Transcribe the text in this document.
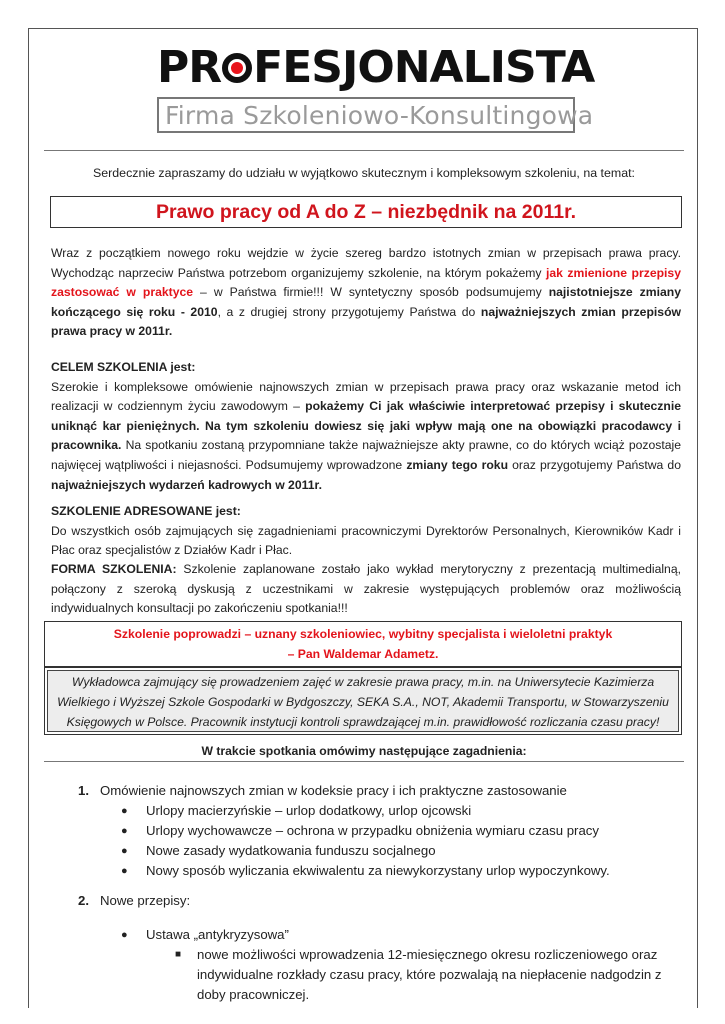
PR FESJONALISTA
Firma Szkoleniowo-Konsultingowa
Serdecznie zapraszamy do udziału w wyjątkowo skutecznym i kompleksowym szkoleniu, na temat:
Prawo pracy od A do Z – niezbędnik na 2011r.
Wraz z początkiem nowego roku wejdzie w życie szereg bardzo istotnych zmian w przepisach prawa pracy. Wychodząc naprzeciw Państwa potrzebom organizujemy szkolenie, na którym pokażemy jak zmienione przepisy zastosować w praktyce – w Państwa firmie!!! W syntetyczny sposób podsumujemy najistotniejsze zmiany kończącego się roku - 2010, a z drugiej strony przygotujemy Państwa do najważniejszych zmian przepisów prawa pracy w 2011r.
CELEM SZKOLENIA jest:
Szerokie i kompleksowe omówienie najnowszych zmian w przepisach prawa pracy oraz wskazanie metod ich realizacji w codziennym życiu zawodowym – pokażemy Ci jak właściwie interpretować przepisy i skutecznie uniknąć kar pieniężnych. Na tym szkoleniu dowiesz się jaki wpływ mają one na obowiązki pracodawcy i pracownika. Na spotkaniu zostaną przypomniane także najważniejsze akty prawne, co do których wciąż pozostaje najwięcej wątpliwości i niejasności. Podsumujemy wprowadzone zmiany tego roku oraz przygotujemy Państwa do najważniejszych wydarzeń kadrowych w 2011r.
SZKOLENIE ADRESOWANE jest:
Do wszystkich osób zajmujących się zagadnieniami pracowniczymi Dyrektorów Personalnych, Kierowników Kadr i Płac oraz specjalistów z Działów Kadr i Płac.
FORMA SZKOLENIA: Szkolenie zaplanowane zostało jako wykład merytoryczny z prezentacją multimedialną, połączony z szeroką dyskusją z uczestnikami w zakresie występujących problemów oraz możliwością indywidualnych konsultacji po zakończeniu spotkania!!!
Szkolenie poprowadzi – uznany szkoleniowiec, wybitny specjalista i wieloletni praktyk
– Pan Waldemar Adametz.
Wykładowca zajmujący się prowadzeniem zajęć w zakresie prawa pracy, m.in. na Uniwersytecie Kazimierza
Wielkiego i Wyższej Szkole Gospodarki w Bydgoszczy, SEKA S.A., NOT, Akademii Transportu, w Stowarzyszeniu
Księgowych w Polsce. Pracownik instytucji kontroli sprawdzającej m.in. prawidłowość rozliczania czasu pracy!
W trakcie spotkania omówimy następujące zagadnienia:
1. Omówienie najnowszych zmian w kodeksie pracy i ich praktyczne zastosowanie
● Urlopy macierzyńskie – urlop dodatkowy, urlop ojcowski
● Urlopy wychowawcze – ochrona w przypadku obniżenia wymiaru czasu pracy
● Nowe zasady wydatkowania funduszu socjalnego
● Nowy sposób wyliczania ekwiwalentu za niewykorzystany urlop wypoczynkowy.
2. Nowe przepisy:
● Ustawa „antykryzysowa”
■ nowe możliwości wprowadzenia 12-miesięcznego okresu rozliczeniowego oraz
indywidualne rozkłady czasu pracy, które pozwalają na niepłacenie nadgodzin z
doby pracowniczej.
